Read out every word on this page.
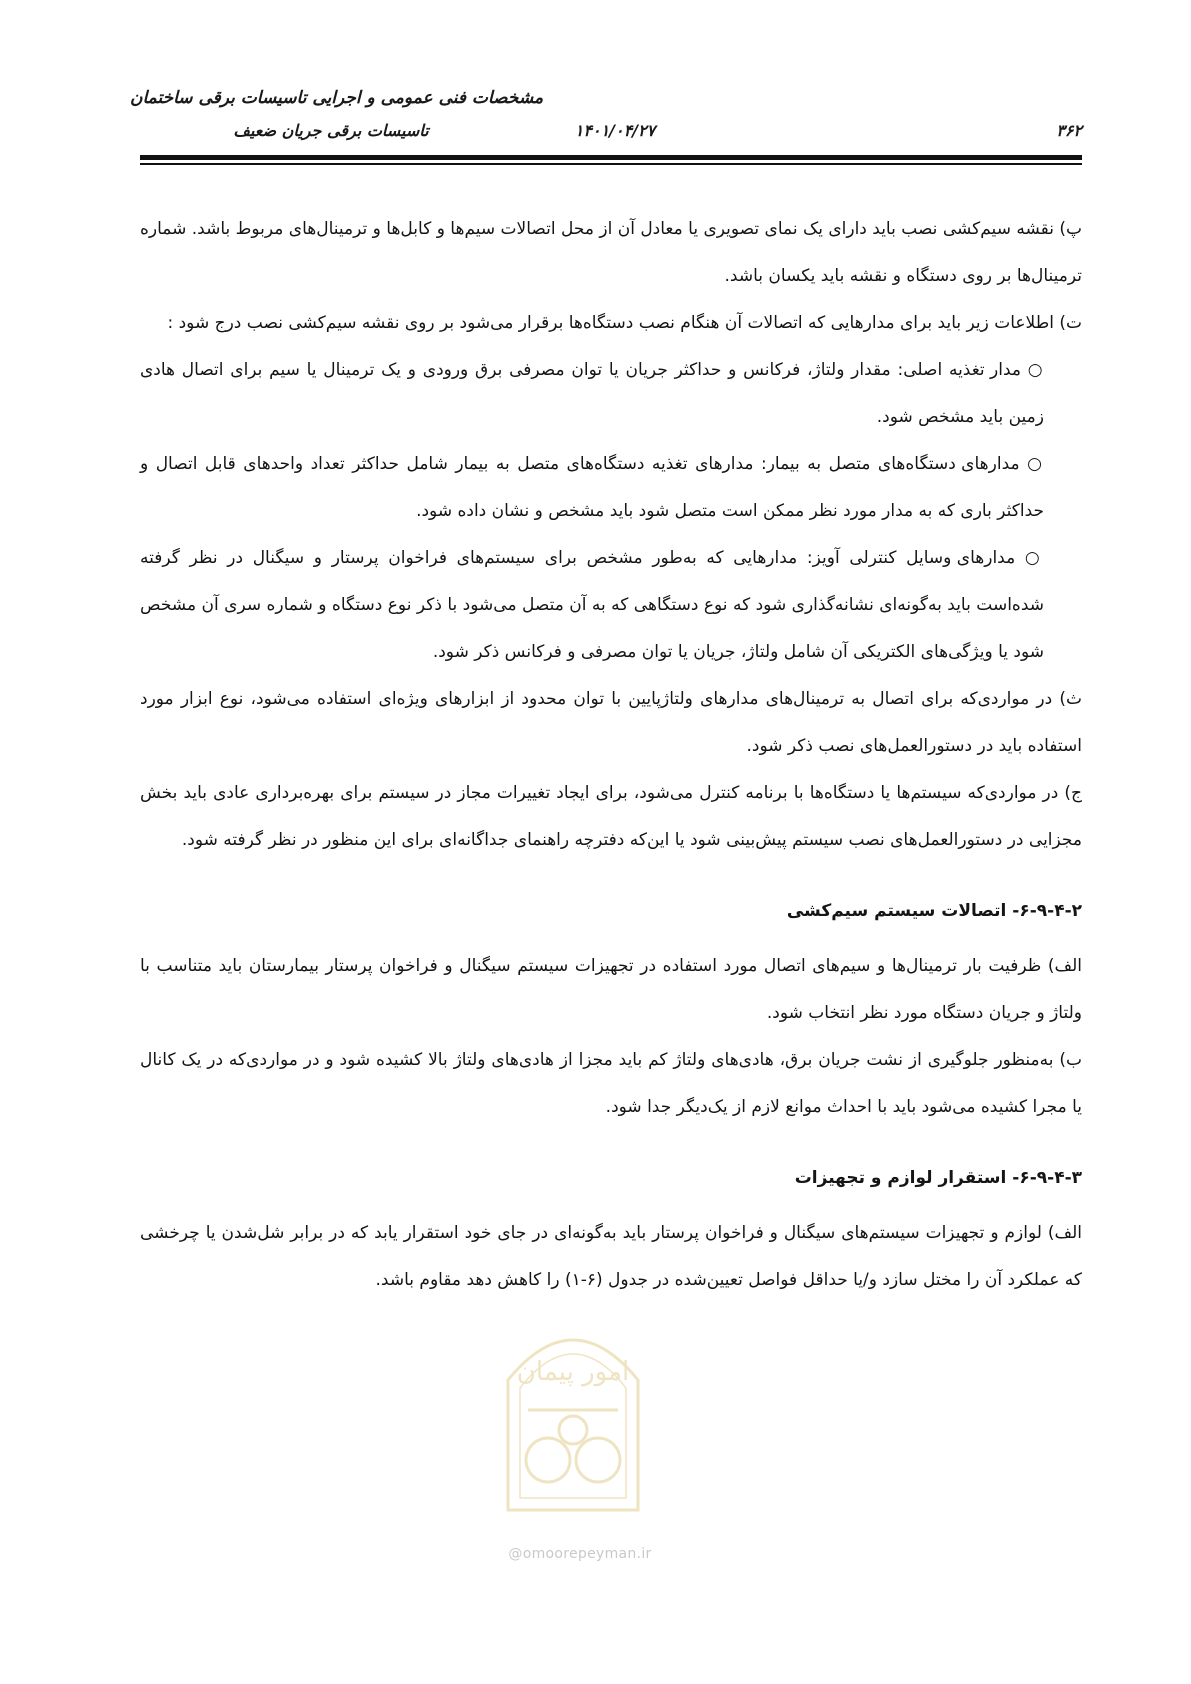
مشخصات فنی عمومی و اجرایی تاسیسات برقی ساختمان
تاسیسات برقی جریان ضعیف	۱۴۰۱/۰۴/۲۷	۳۶۲

پ) نقشه سیم‌کشی نصب باید دارای یک نمای تصویری یا معادل آن از محل اتصالات سیم‌ها و کابل‌ها و ترمینال‌های مربوط باشد. شماره ترمینال‌ها بر روی دستگاه و نقشه باید یکسان باشد.

ت) اطلاعات زیر باید برای مدارهایی که اتصالات آن هنگام نصب دستگاه‌ها برقرار می‌شود بر روی نقشه سیم‌کشی نصب درج شود :

○ مدار تغذیه اصلی: مقدار ولتاژ، فرکانس و حداکثر جریان یا توان مصرفی برق ورودی و یک ترمینال یا سیم برای اتصال هادی زمین باید مشخص شود.

○ مدارهای دستگاه‌های متصل به بیمار: مدارهای تغذیه دستگاه‌های متصل به بیمار شامل حداکثر تعداد واحدهای قابل اتصال و حداکثر باری که به مدار مورد نظر ممکن است متصل شود باید مشخص و نشان داده شود.

○ مدارهای وسایل کنترلی آویز: مدارهایی که به‌طور مشخص برای سیستم‌های فراخوان پرستار و سیگنال در نظر گرفته شده‌است باید به‌گونه‌ای نشانه‌گذاری شود که نوع دستگاهی که به آن متصل می‌شود با ذکر نوع دستگاه و شماره سری آن مشخص شود یا ویژگی‌های الکتریکی آن شامل ولتاژ، جریان یا توان مصرفی و فرکانس ذکر شود.

ث) در مواردی‌که برای اتصال به ترمینال‌های مدارهای ولتاژپایین با توان محدود از ابزارهای ویژه‌ای استفاده می‌شود، نوع ابزار مورد استفاده باید در دستورالعمل‌های نصب ذکر شود.

ج) در مواردی‌که سیستم‌ها یا دستگاه‌ها با برنامه کنترل می‌شود، برای ایجاد تغییرات مجاز در سیستم برای بهره‌برداری عادی باید بخش مجزایی در دستورالعمل‌های نصب سیستم پیش‌بینی شود یا این‌که دفترچه راهنمای جداگانه‌ای برای این منظور در نظر گرفته شود.

۶-۹-۴-۲- اتصالات سیستم سیم‌کشی

الف) ظرفیت بار ترمینال‌ها و سیم‌های اتصال مورد استفاده در تجهیزات سیستم سیگنال و فراخوان پرستار بیمارستان باید متناسب با ولتاژ و جریان دستگاه مورد نظر انتخاب شود.

ب) به‌منظور جلوگیری از نشت جریان برق، هادی‌های ولتاژ کم باید مجزا از هادی‌های ولتاژ بالا کشیده شود و در مواردی‌که در یک کانال یا مجرا کشیده می‌شود باید با احداث موانع لازم از یک‌دیگر جدا شود.

۶-۹-۴-۳- استقرار لوازم و تجهیزات

الف) لوازم و تجهیزات سیستم‌های سیگنال و فراخوان پرستار باید به‌گونه‌ای در جای خود استقرار یابد که در برابر شل‌شدن یا چرخشی که عملکرد آن را مختل سازد و/یا حداقل فواصل تعیین‌شده در جدول (۶-۱) را کاهش دهد مقاوم باشد.

امور پیمان
@omoorepeyman.ir
